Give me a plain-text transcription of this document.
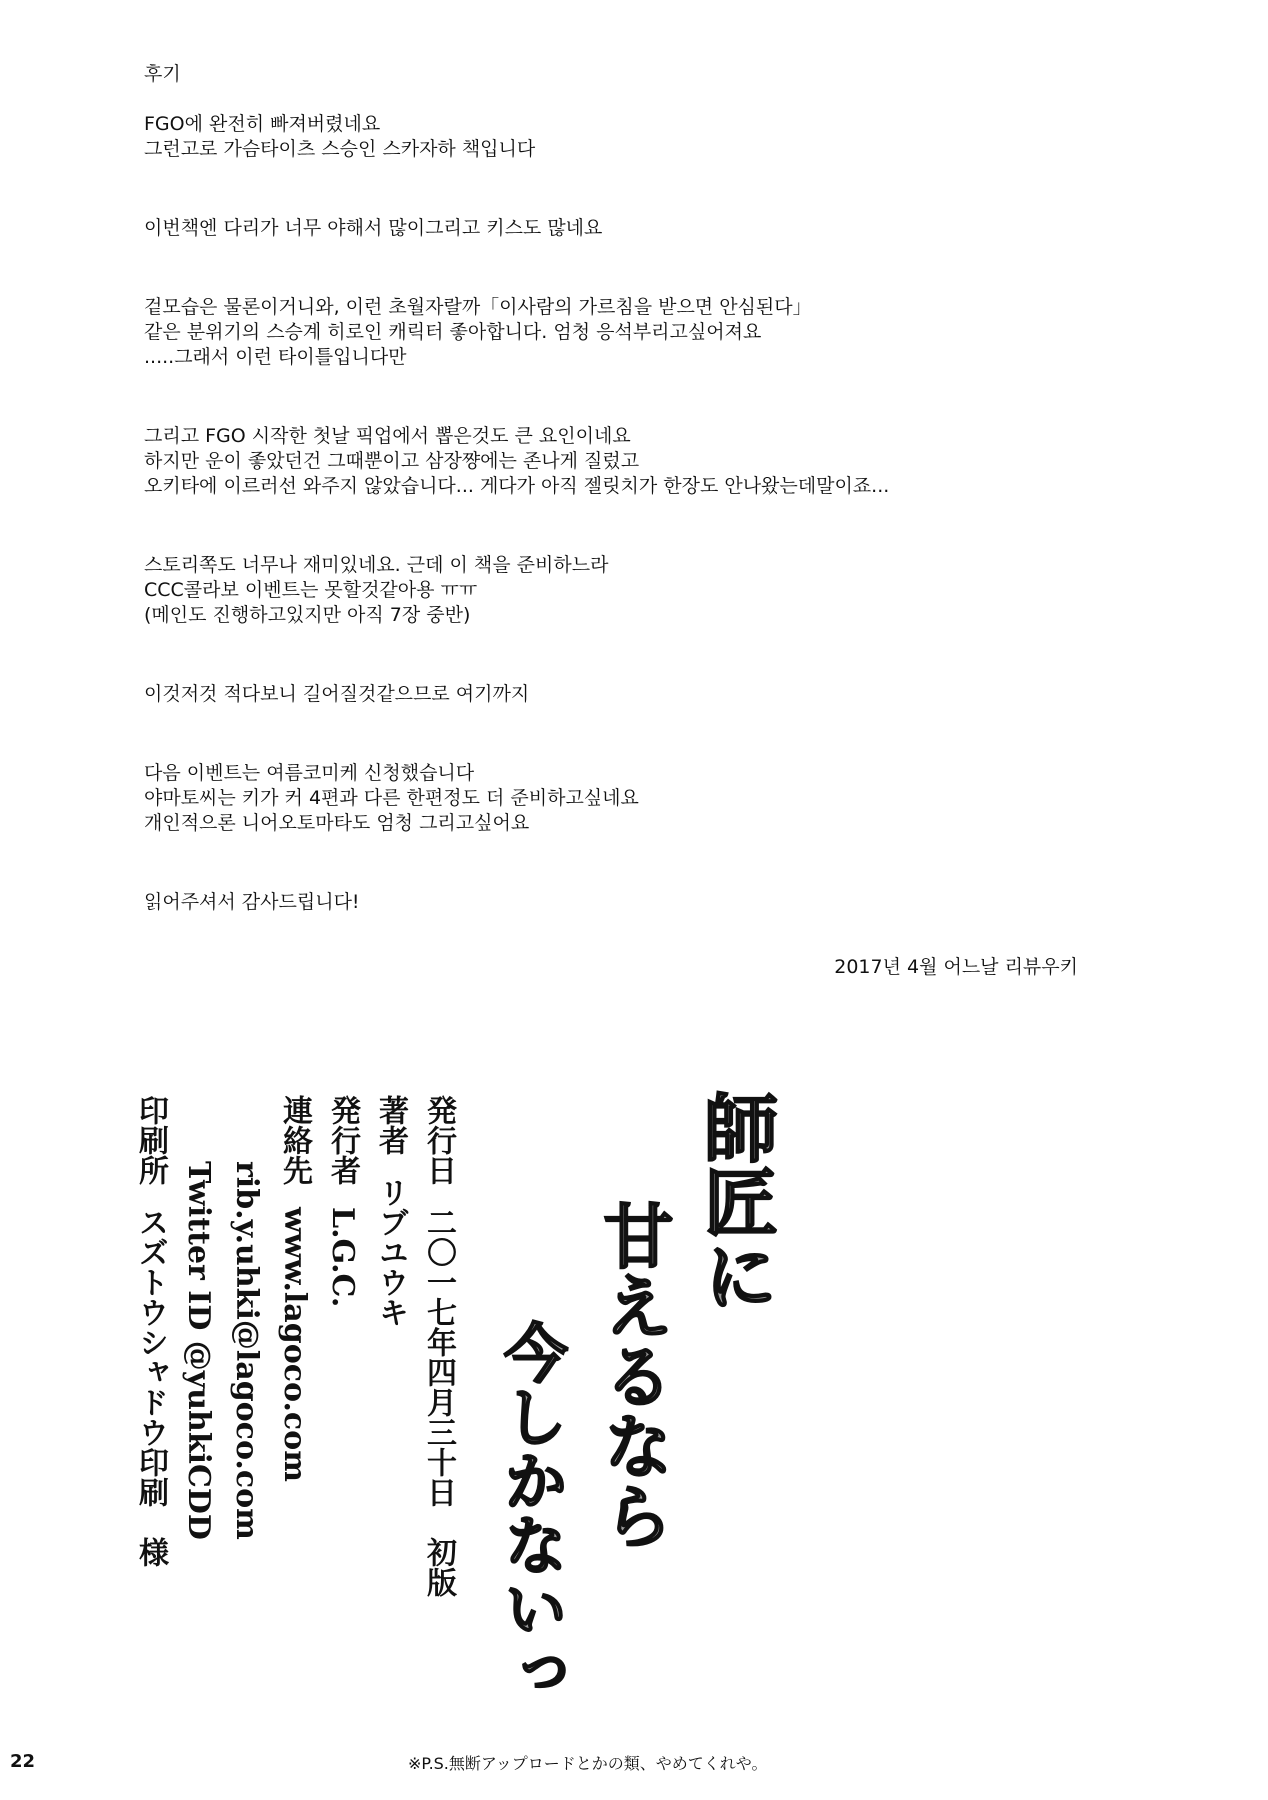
후기
FGO에 완전히 빠져버렸네요
그런고로 가슴타이츠 스승인 스카자하 책입니다
이번책엔 다리가 너무 야해서 많이그리고 키스도 많네요
겉모습은 물론이거니와, 이런 초월자랄까「이사람의 가르침을 받으면 안심된다」
같은 분위기의 스승계 히로인 캐릭터 좋아합니다. 엄청 응석부리고싶어져요
.....그래서 이런 타이틀입니다만
그리고 FGO 시작한 첫날 픽업에서 뽑은것도 큰 요인이네요
하지만 운이 좋았던건 그때뿐이고 삼장쨩에는 존나게 질렀고
오키타에 이르러선 와주지 않았습니다... 게다가 아직 젤릿치가 한장도 안나왔는데말이죠...
스토리쪽도 너무나 재미있네요. 근데 이 책을 준비하느라
CCC콜라보 이벤트는 못할것같아용 ㅠㅠ
(메인도 진행하고있지만 아직 7장 중반)
이것저것 적다보니 길어질것같으므로 여기까지
다음 이벤트는 여름코미케 신청했습니다
야마토씨는 키가 커 4편과 다른 한편정도 더 준비하고싶네요
개인적으론 니어오토마타도 엄청 그리고싶어요
읽어주셔서 감사드립니다!
2017년 4월 어느날 리뷰우키
師匠に
甘えるなら
今しかないっ
発行日二〇一七年四月三十日　初版
著者リブユウキ
発行者L.G.C.
連絡先www.lagoco.com
rib.y.uhki@lagoco.com
Twitter ID @yuhkiCDD
印刷所スズトウシャドウ印刷　様
22	※P.S.無断アップロードとかの類、やめてくれや。
